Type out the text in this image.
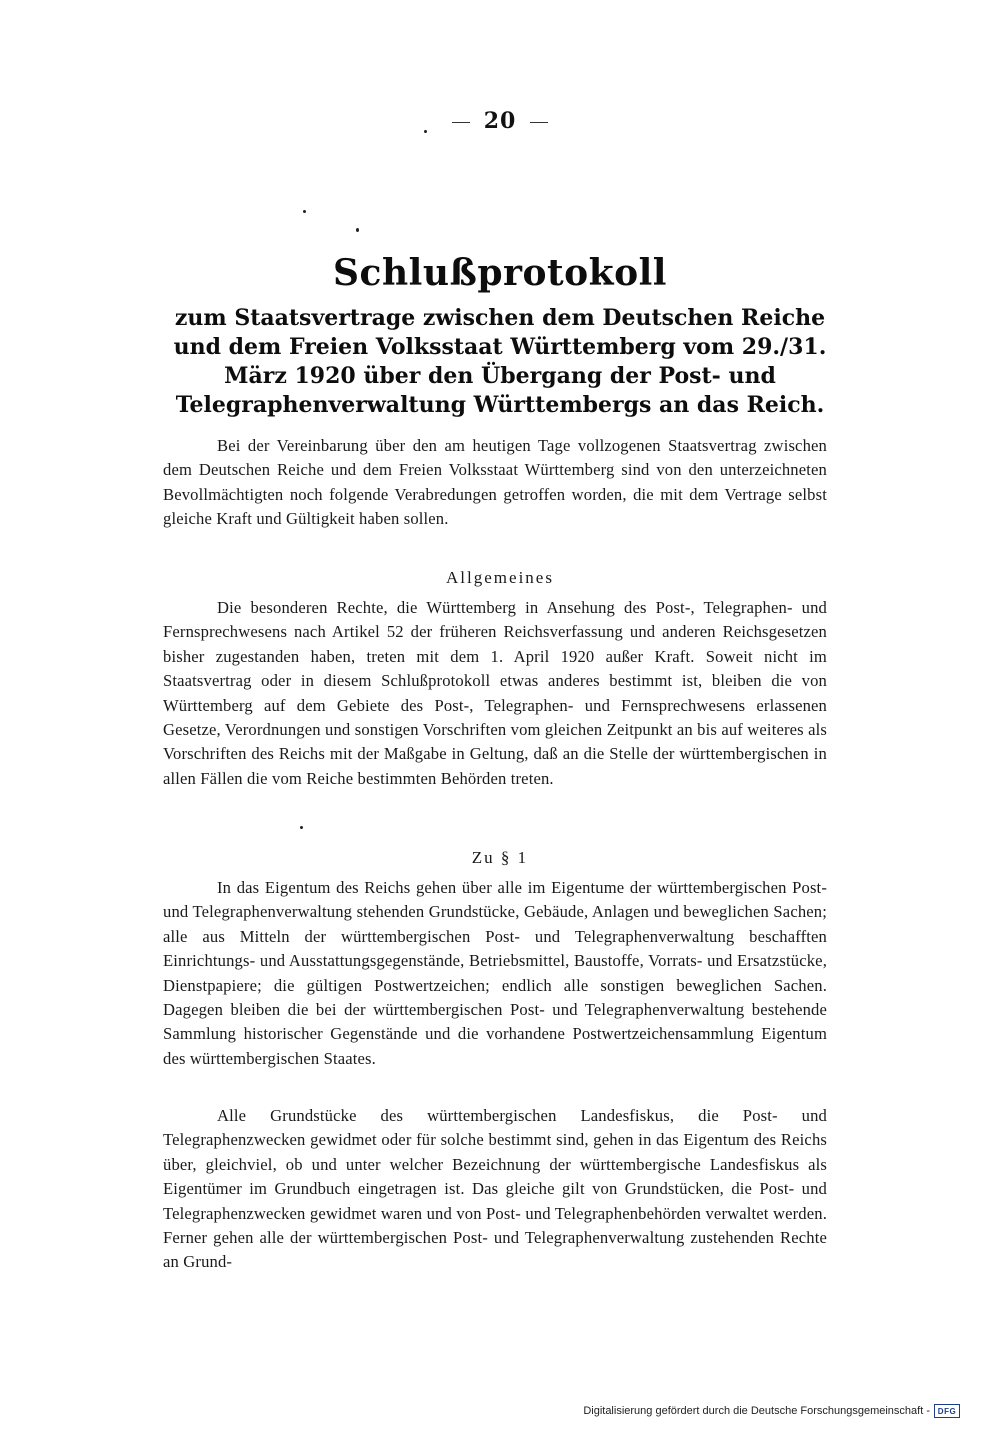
20
Schlußprotokoll

zum Staatsvertrage zwischen dem Deutschen Reiche und dem Freien Volksstaat Württemberg vom 29./31. März 1920 über den Übergang der Post- und Telegraphenverwaltung Württembergs an das Reich.

Bei der Vereinbarung über den am heutigen Tage vollzogenen Staatsvertrag zwischen dem Deutschen Reiche und dem Freien Volksstaat Württemberg sind von den unterzeichneten Bevollmächtigten noch folgende Verabredungen getroffen worden, die mit dem Vertrage selbst gleiche Kraft und Gültigkeit haben sollen.

Allgemeines

Die besonderen Rechte, die Württemberg in Ansehung des Post-, Telegraphen- und Fernsprechwesens nach Artikel 52 der früheren Reichsverfassung und anderen Reichsgesetzen bisher zugestanden haben, treten mit dem 1. April 1920 außer Kraft. Soweit nicht im Staatsvertrag oder in diesem Schlußprotokoll etwas anderes bestimmt ist, bleiben die von Württemberg auf dem Gebiete des Post-, Telegraphen- und Fernsprechwesens erlassenen Gesetze, Verordnungen und sonstigen Vorschriften vom gleichen Zeitpunkt an bis auf weiteres als Vorschriften des Reichs mit der Maßgabe in Geltung, daß an die Stelle der württembergischen in allen Fällen die vom Reiche bestimmten Behörden treten.

Zu § 1

In das Eigentum des Reichs gehen über alle im Eigentume der württembergischen Post- und Telegraphenverwaltung stehenden Grundstücke, Gebäude, Anlagen und beweglichen Sachen; alle aus Mitteln der württembergischen Post- und Telegraphenverwaltung beschafften Einrichtungs- und Ausstattungsgegenstände, Betriebsmittel, Baustoffe, Vorrats- und Ersatzstücke, Dienstpapiere; die gültigen Postwertzeichen; endlich alle sonstigen beweglichen Sachen. Dagegen bleiben die bei der württembergischen Post- und Telegraphenverwaltung bestehende Sammlung historischer Gegenstände und die vorhandene Postwertzeichensammlung Eigentum des württembergischen Staates.

Alle Grundstücke des württembergischen Landesfiskus, die Post- und Telegraphenzwecken gewidmet oder für solche bestimmt sind, gehen in das Eigentum des Reichs über, gleichviel, ob und unter welcher Bezeichnung der württembergische Landesfiskus als Eigentümer im Grundbuch eingetragen ist. Das gleiche gilt von Grundstücken, die Post- und Telegraphenzwecken gewidmet waren und von Post- und Telegraphenbehörden verwaltet werden. Ferner gehen alle der württembergischen Post- und Telegraphenverwaltung zustehenden Rechte an Grund-

Digitalisierung gefördert durch die Deutsche Forschungsgemeinschaft - DFG
